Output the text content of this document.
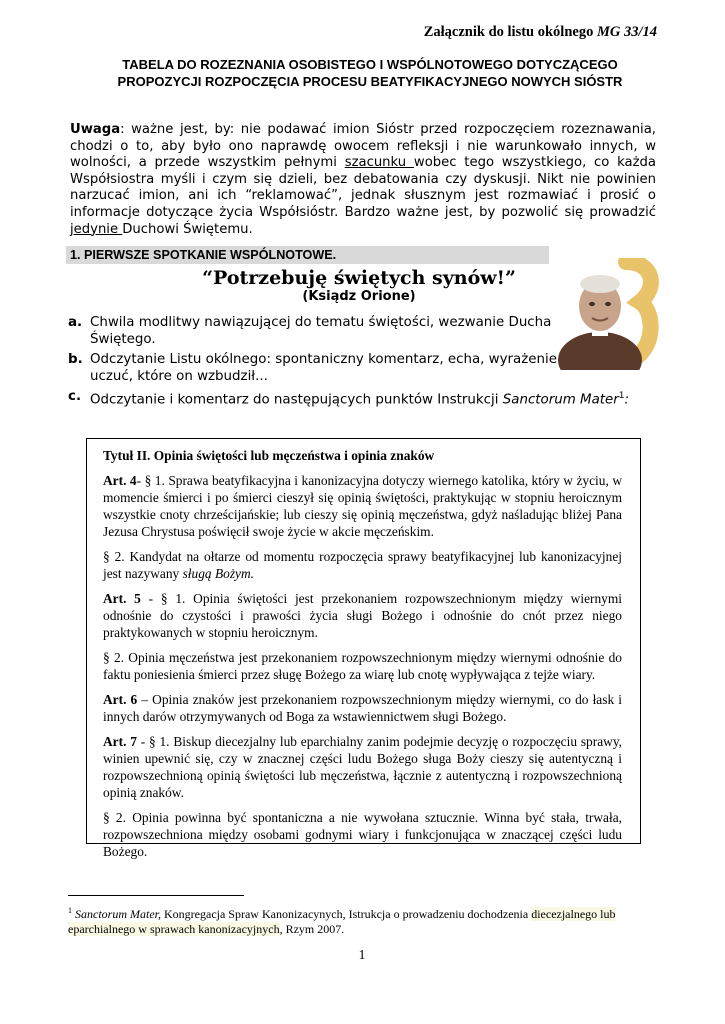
Załącznik do listu okólnego MG 33/14
TABELA DO ROZEZNANIA OSOBISTEGO I WSPÓLNOTOWEGO DOTYCZĄCEGO
PROPOZYCJI ROZPOCZĘCIA PROCESU BEATYFIKACYJNEGO NOWYCH SIÓSTR
Uwaga: ważne jest, by: nie podawać imion Sióstr przed rozpoczęciem rozeznawania, chodzi o to, aby było ono naprawdę owocem refleksji i nie warunkowało innych, w wolności, a przede wszystkim pełnymi szacunku wobec tego wszystkiego, co każda Współsiostra myśli i czym się dzieli, bez debatowania czy dyskusji. Nikt nie powinien narzucać imion, ani ich “reklamować”, jednak słusznym jest rozmawiać i prosić o informacje dotyczące życia Współsióstr. Bardzo ważne jest, by pozwolić się prowadzić jedynie Duchowi Świętemu.
1. PIERWSZE SPOTKANIE WSPÓLNOTOWE.
“Potrzebuję świętych synów!”
(Ksiądz Orione)
a. Chwila modlitwy nawiązującej do tematu świętości, wezwanie Ducha Świętego.
b. Odczytanie Listu okólnego: spontaniczny komentarz, echa, wyrażenie uczuć, które on wzbudził...
c. Odczytanie i komentarz do następujących punktów Instrukcji Sanctorum Mater$^1$:
Tytuł II. Opinia świętości lub męczeństwa i opinia znaków

Art. 4- § 1. Sprawa beatyfikacyjna i kanonizacyjna dotyczy wiernego katolika, który w życiu, w momencie śmierci i po śmierci cieszył się opinią świętości, praktykując w stopniu heroicznym wszystkie cnoty chrześcijańskie; lub cieszy się opinią męczeństwa, gdyż naśladując bliżej Pana Jezusa Chrystusa poświęcił swoje życie w akcie męczeńskim.

§ 2. Kandydat na ołtarze od momentu rozpoczęcia sprawy beatyfikacyjnej lub kanonizacyjnej jest nazywany sługą Bożym.

Art. 5 - § 1. Opinia świętości jest przekonaniem rozpowszechnionym między wiernymi odnośnie do czystości i prawości życia sługi Bożego i odnośnie do cnót przez niego praktykowanych w stopniu heroicznym.

§ 2. Opinia męczeństwa jest przekonaniem rozpowszechnionym między wiernymi odnośnie do faktu poniesienia śmierci przez sługę Bożego za wiarę lub cnotę wypływająca z tejże wiary.

Art. 6 – Opinia znaków jest przekonaniem rozpowszechnionym między wiernymi, co do łask i innych darów otrzymywanych od Boga za wstawiennictwem sługi Bożego.

Art. 7 - § 1. Biskup diecezjalny lub eparchialny zanim podejmie decyzję o rozpoczęciu sprawy, winien upewnić się, czy w znacznej części ludu Bożego sługa Boży cieszy się autentyczną i rozpowszechnioną opinią świętości lub męczeństwa, łącznie z autentyczną i rozpowszechnioną opinią znaków.

§ 2. Opinia powinna być spontaniczna a nie wywołana sztucznie. Winna być stała, trwała, rozpowszechniona między osobami godnymi wiary i funkcjonująca w znaczącej części ludu Bożego.

$^1$ Sanctorum Mater, Kongregacja Spraw Kanonizacynych, Istrukcja o prowadzeniu dochodzenia diecezjalnego lub eparchialnego w sprawach kanonizacyjnych, Rzym 2007.
1
